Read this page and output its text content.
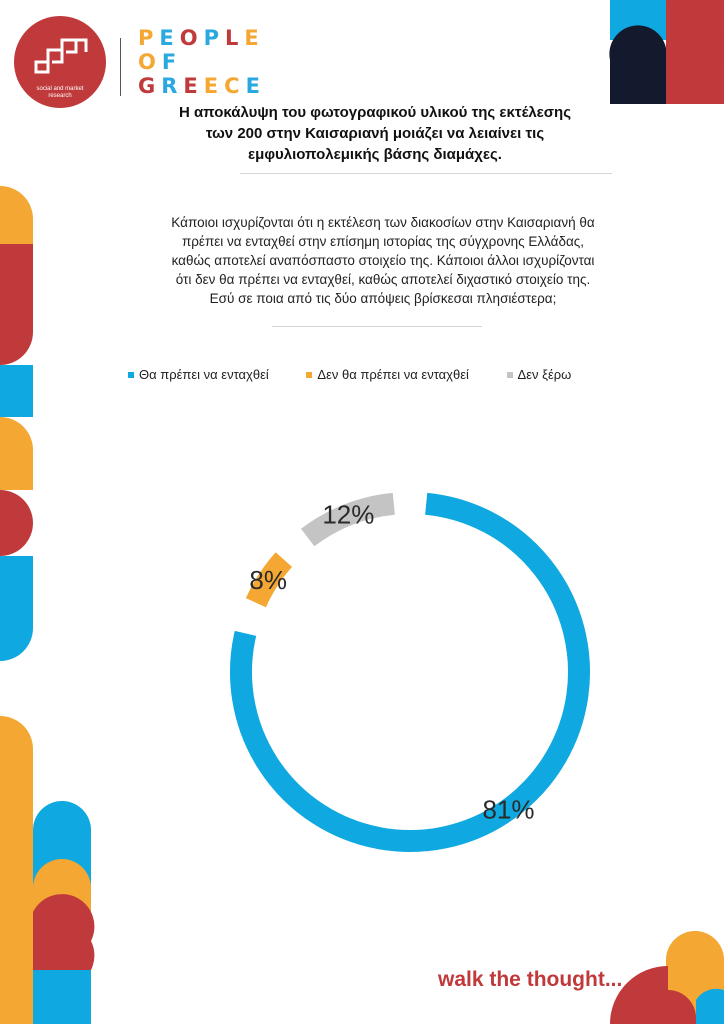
social and market
research
PEOPLE
OF
GREECE
Η αποκάλυψη του φωτογραφικού υλικού της εκτέλεσης
των 200 στην Καισαριανή μοιάζει να λειαίνει τις
εμφυλιοπολεμικής βάσης διαμάχες.
Κάποιοι ισχυρίζονται ότι η εκτέλεση των διακοσίων στην Καισαριανή θα
πρέπει να ενταχθεί στην επίσημη ιστορίας της σύγχρονης Ελλάδας,
καθώς αποτελεί αναπόσπαστο στοιχείο της. Κάποιοι άλλοι ισχυρίζονται
ότι δεν θα πρέπει να ενταχθεί, καθώς αποτελεί διχαστικό στοιχείο της.
Εσύ σε ποια από τις δύο απόψεις βρίσκεσαι πλησιέστερα;
Θα πρέπει να ενταχθεί	Δεν θα πρέπει να ενταχθεί	Δεν ξέρω
81%
8%
12%
walk the thought...
